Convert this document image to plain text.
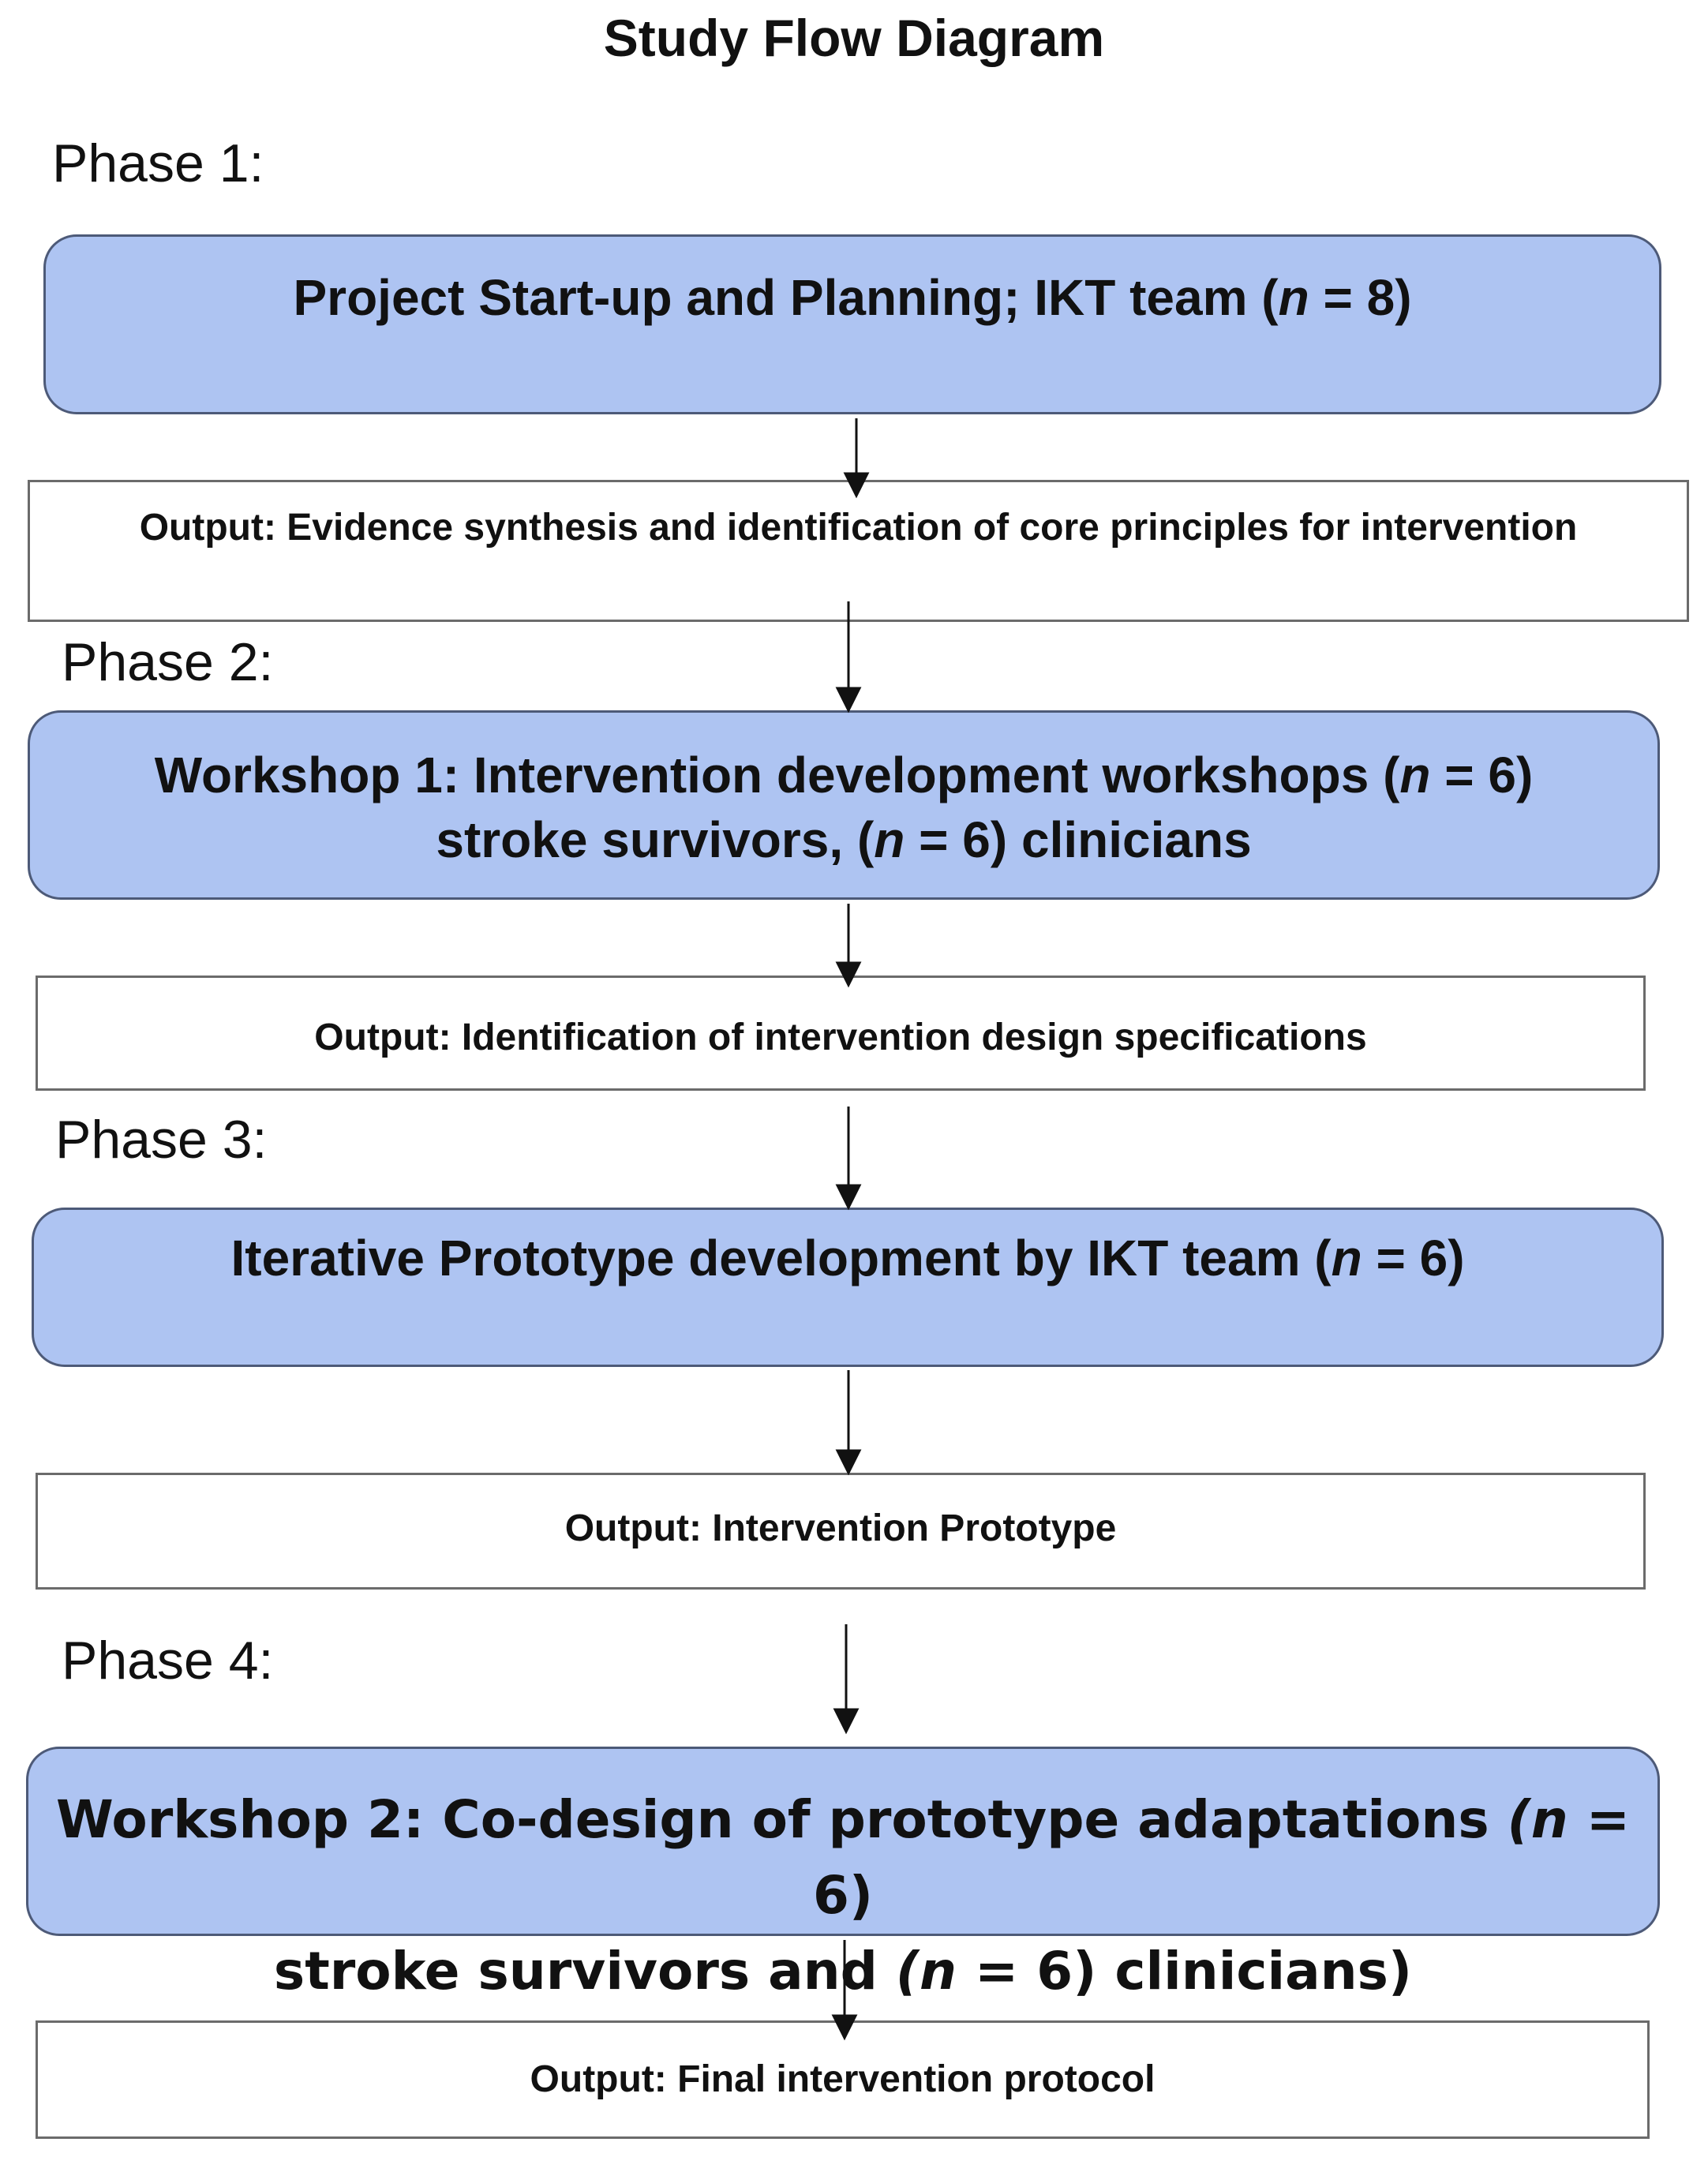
Study Flow Diagram
Phase 1:
Project Start-up and Planning; IKT team (n = 8)
Output: Evidence synthesis and identification of core principles for intervention
Phase 2:
Workshop 1: Intervention development workshops (n = 6)
stroke survivors, (n = 6) clinicians
Output: Identification of intervention design specifications
Phase 3:
Iterative Prototype development by IKT team (n = 6)
Output: Intervention Prototype
Phase 4:
Workshop 2: Co-design of prototype adaptations (n = 6)
stroke survivors and (n = 6) clinicians)
Output: Final intervention protocol
